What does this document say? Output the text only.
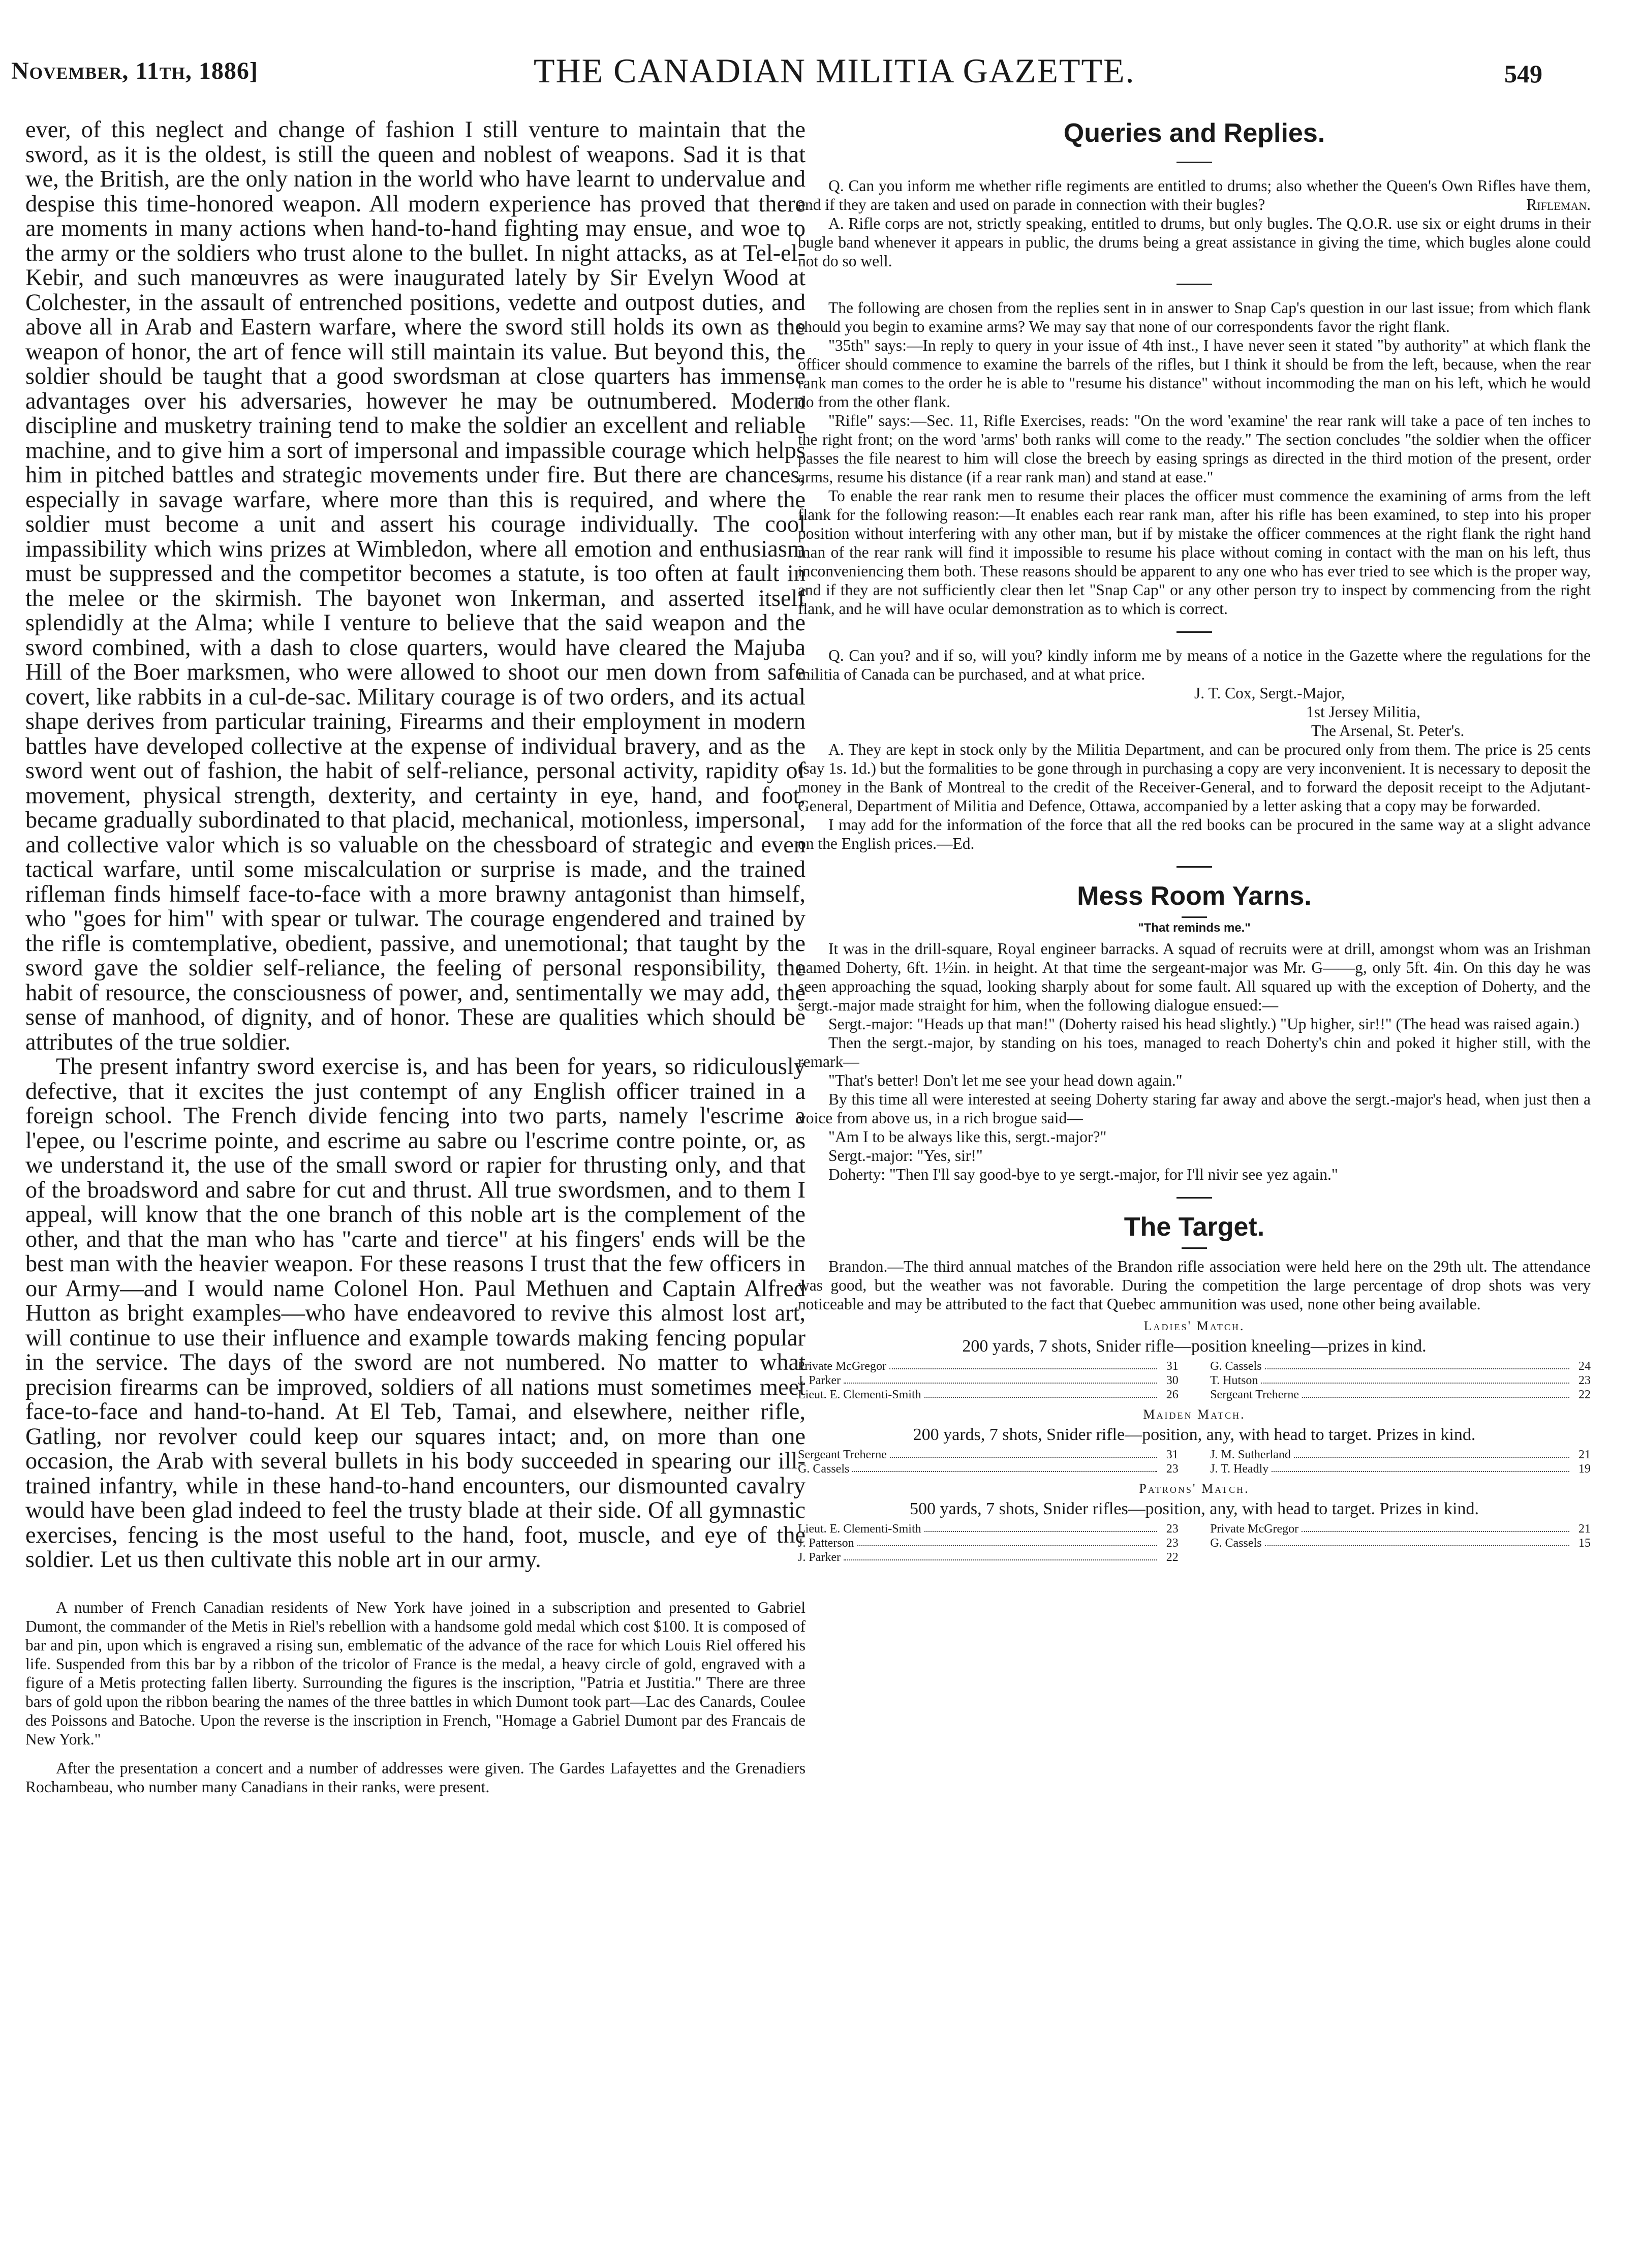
November, 11th, 1886]	THE CANADIAN MILITIA GAZETTE.	549

ever, of this neglect and change of fashion I still venture to maintain that the sword, as it is the oldest, is still the queen and noblest of weapons. Sad it is that we, the British, are the only nation in the world who have learnt to undervalue and despise this time-honored weapon. All modern experience has proved that there are moments in many actions when hand-to-hand fighting may ensue, and woe to the army or the soldiers who trust alone to the bullet. In night attacks, as at Tel-el-Kebir, and such manœuvres as were inaugurated lately by Sir Evelyn Wood at Colchester, in the assault of entrenched positions, vedette and outpost duties, and above all in Arab and Eastern warfare, where the sword still holds its own as the weapon of honor, the art of fence will still maintain its value. But beyond this, the soldier should be taught that a good swordsman at close quarters has immense advantages over his adversaries, however he may be outnumbered. Modern discipline and musketry training tend to make the soldier an excellent and reliable machine, and to give him a sort of impersonal and impassible courage which helps him in pitched battles and strategic movements under fire. But there are chances, especially in savage warfare, where more than this is required, and where the soldier must become a unit and assert his courage individually. The cool impassibility which wins prizes at Wimbledon, where all emotion and enthusiasm must be suppressed and the competitor becomes a statute, is too often at fault in the melee or the skirmish. The bayonet won Inkerman, and asserted itself splendidly at the Alma; while I venture to believe that the said weapon and the sword combined, with a dash to close quarters, would have cleared the Majuba Hill of the Boer marksmen, who were allowed to shoot our men down from safe covert, like rabbits in a cul-de-sac. Military courage is of two orders, and its actual shape derives from particular training, Firearms and their employment in modern battles have developed collective at the expense of individual bravery, and as the sword went out of fashion, the habit of self-reliance, personal activity, rapidity of movement, physical strength, dexterity, and certainty in eye, hand, and foot, became gradually subordinated to that placid, mechanical, motionless, impersonal, and collective valor which is so valuable on the chessboard of strategic and even tactical warfare, until some miscalculation or surprise is made, and the trained rifleman finds himself face-to-face with a more brawny antagonist than himself, who "goes for him" with spear or tulwar. The courage engendered and trained by the rifle is comtemplative, obedient, passive, and unemotional; that taught by the sword gave the soldier self-reliance, the feeling of personal responsibility, the habit of resource, the consciousness of power, and, sentimentally we may add, the sense of manhood, of dignity, and of honor. These are qualities which should be attributes of the true soldier.

The present infantry sword exercise is, and has been for years, so ridiculously defective, that it excites the just contempt of any English officer trained in a foreign school. The French divide fencing into two parts, namely l'escrime a l'epee, ou l'escrime pointe, and escrime au sabre ou l'escrime contre pointe, or, as we understand it, the use of the small sword or rapier for thrusting only, and that of the broadsword and sabre for cut and thrust. All true swordsmen, and to them I appeal, will know that the one branch of this noble art is the complement of the other, and that the man who has "carte and tierce" at his fingers' ends will be the best man with the heavier weapon. For these reasons I trust that the few officers in our Army—and I would name Colonel Hon. Paul Methuen and Captain Alfred Hutton as bright examples—who have endeavored to revive this almost lost art, will continue to use their influence and example towards making fencing popular in the service. The days of the sword are not numbered. No matter to what precision firearms can be improved, soldiers of all nations must sometimes meet face-to-face and hand-to-hand. At El Teb, Tamai, and elsewhere, neither rifle, Gatling, nor revolver could keep our squares intact; and, on more than one occasion, the Arab with several bullets in his body succeeded in spearing our ill-trained infantry, while in these hand-to-hand encounters, our dismounted cavalry would have been glad indeed to feel the trusty blade at their side. Of all gymnastic exercises, fencing is the most useful to the hand, foot, muscle, and eye of the soldier. Let us then cultivate this noble art in our army.

A number of French Canadian residents of New York have joined in a subscription and presented to Gabriel Dumont, the commander of the Metis in Riel's rebellion with a handsome gold medal which cost $100. It is composed of bar and pin, upon which is engraved a rising sun, emblematic of the advance of the race for which Louis Riel offered his life. Suspended from this bar by a ribbon of the tricolor of France is the medal, a heavy circle of gold, engraved with a figure of a Metis protecting fallen liberty. Surrounding the figures is the inscription, "Patria et Justitia." There are three bars of gold upon the ribbon bearing the names of the three battles in which Dumont took part—Lac des Canards, Coulee des Poissons and Batoche. Upon the reverse is the inscription in French, "Homage a Gabriel Dumont par des Francais de New York."

After the presentation a concert and a number of addresses were given. The Gardes Lafayettes and the Grenadiers Rochambeau, who number many Canadians in their ranks, were present.

Queries and Replies.

Q. Can you inform me whether rifle regiments are entitled to drums; also whether the Queen's Own Rifles have them, and if they are taken and used on parade in connection with their bugles?	Rifleman.

A. Rifle corps are not, strictly speaking, entitled to drums, but only bugles. The Q.O.R. use six or eight drums in their bugle band whenever it appears in public, the drums being a great assistance in giving the time, which bugles alone could not do so well.

The following are chosen from the replies sent in in answer to Snap Cap's question in our last issue; from which flank should you begin to examine arms? We may say that none of our correspondents favor the right flank.

"35th" says:—In reply to query in your issue of 4th inst., I have never seen it stated "by authority" at which flank the officer should commence to examine the barrels of the rifles, but I think it should be from the left, because, when the rear rank man comes to the order he is able to "resume his distance" without incommoding the man on his left, which he would do from the other flank.

"Rifle" says:—Sec. 11, Rifle Exercises, reads: "On the word 'examine' the rear rank will take a pace of ten inches to the right front; on the word 'arms' both ranks will come to the ready." The section concludes "the soldier when the officer passes the file nearest to him will close the breech by easing springs as directed in the third motion of the present, order arms, resume his distance (if a rear rank man) and stand at ease."

To enable the rear rank men to resume their places the officer must commence the examining of arms from the left flank for the following reason:—It enables each rear rank man, after his rifle has been examined, to step into his proper position without interfering with any other man, but if by mistake the officer commences at the right flank the right hand man of the rear rank will find it impossible to resume his place without coming in contact with the man on his left, thus inconveniencing them both. These reasons should be apparent to any one who has ever tried to see which is the proper way, and if they are not sufficiently clear then let "Snap Cap" or any other person try to inspect by commencing from the right flank, and he will have ocular demonstration as to which is correct.

Q. Can you? and if so, will you? kindly inform me by means of a notice in the Gazette where the regulations for the militia of Canada can be purchased, and at what price.

J. T. Cox, Sergt.-Major,
1st Jersey Militia,
The Arsenal, St. Peter's.

A. They are kept in stock only by the Militia Department, and can be procured only from them. The price is 25 cents (say 1s. 1d.) but the formalities to be gone through in purchasing a copy are very inconvenient. It is necessary to deposit the money in the Bank of Montreal to the credit of the Receiver-General, and to forward the deposit receipt to the Adjutant-General, Department of Militia and Defence, Ottawa, accompanied by a letter asking that a copy may be forwarded.

I may add for the information of the force that all the red books can be procured in the same way at a slight advance on the English prices.—Ed.

Mess Room Yarns.
"That reminds me."

It was in the drill-square, Royal engineer barracks. A squad of recruits were at drill, amongst whom was an Irishman named Doherty, 6ft. 1½in. in height. At that time the sergeant-major was Mr. G——g, only 5ft. 4in. On this day he was seen approaching the squad, looking sharply about for some fault. All squared up with the exception of Doherty, and the sergt.-major made straight for him, when the following dialogue ensued:—

Sergt.-major: "Heads up that man!" (Doherty raised his head slightly.) "Up higher, sir!!" (The head was raised again.)

Then the sergt.-major, by standing on his toes, managed to reach Doherty's chin and poked it higher still, with the remark—

"That's better! Don't let me see your head down again."

By this time all were interested at seeing Doherty staring far away and above the sergt.-major's head, when just then a voice from above us, in a rich brogue said—

"Am I to be always like this, sergt.-major?"

Sergt.-major: "Yes, sir!"

Doherty: "Then I'll say good-bye to ye sergt.-major, for I'll nivir see yez again."

The Target.

Brandon.—The third annual matches of the Brandon rifle association were held here on the 29th ult. The attendance was good, but the weather was not favorable. During the competition the large percentage of drop shots was very noticeable and may be attributed to the fact that Quebec ammunition was used, none other being available.

Ladies' Match.
200 yards, 7 shots, Snider rifle—position kneeling—prizes in kind.
Private McGregor	31
J. Parker	30
Lieut. E. Clementi-Smith	26
G. Cassels	24
T. Hutson	23
Sergeant Treherne	22
Maiden Match.
200 yards, 7 shots, Snider rifle—position, any, with head to target. Prizes in kind.
Sergeant Treherne	31
G. Cassels	23
J. M. Sutherland	21
J. T. Headly	19
Patrons' Match.
500 yards, 7 shots, Snider rifles—position, any, with head to target. Prizes in kind.
Lieut. E. Clementi-Smith	23
J. Patterson	23
J. Parker	22
Private McGregor	21
G. Cassels	15
